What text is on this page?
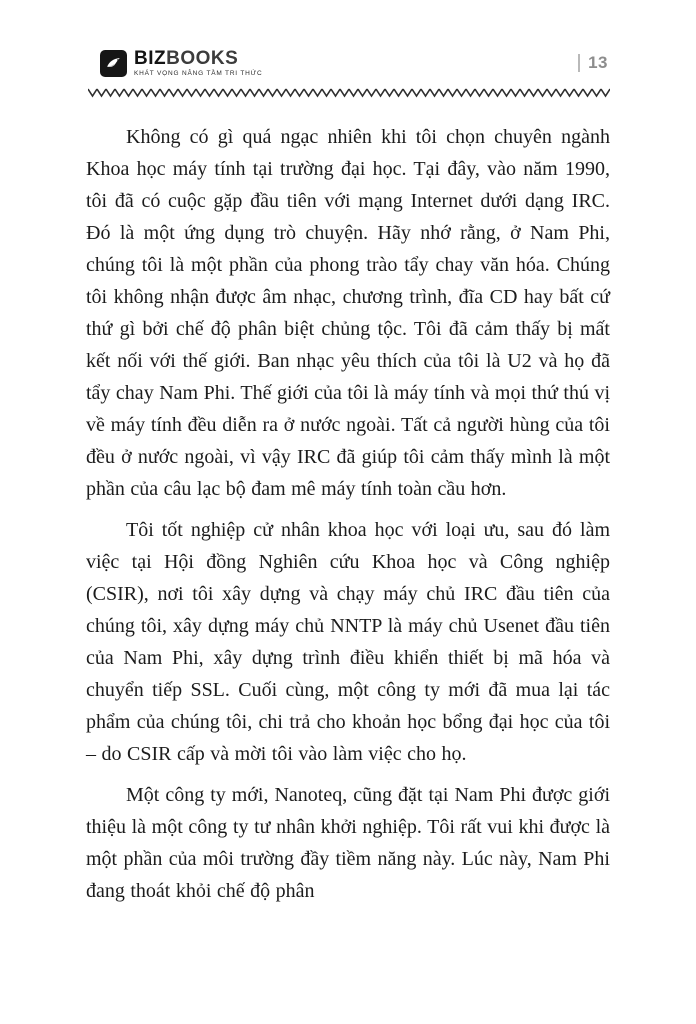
BIZBOOKS
KHÁT VỌNG NÂNG TẦM TRI THỨC
13

Không có gì quá ngạc nhiên khi tôi chọn chuyên ngành Khoa học máy tính tại trường đại học. Tại đây, vào năm 1990, tôi đã có cuộc gặp đầu tiên với mạng Internet dưới dạng IRC. Đó là một ứng dụng trò chuyện. Hãy nhớ rằng, ở Nam Phi, chúng tôi là một phần của phong trào tẩy chay văn hóa. Chúng tôi không nhận được âm nhạc, chương trình, đĩa CD hay bất cứ thứ gì bởi chế độ phân biệt chủng tộc. Tôi đã cảm thấy bị mất kết nối với thế giới. Ban nhạc yêu thích của tôi là U2 và họ đã tẩy chay Nam Phi. Thế giới của tôi là máy tính và mọi thứ thú vị về máy tính đều diễn ra ở nước ngoài. Tất cả người hùng của tôi đều ở nước ngoài, vì vậy IRC đã giúp tôi cảm thấy mình là một phần của câu lạc bộ đam mê máy tính toàn cầu hơn.

Tôi tốt nghiệp cử nhân khoa học với loại ưu, sau đó làm việc tại Hội đồng Nghiên cứu Khoa học và Công nghiệp (CSIR), nơi tôi xây dựng và chạy máy chủ IRC đầu tiên của chúng tôi, xây dựng máy chủ NNTP là máy chủ Usenet đầu tiên của Nam Phi, xây dựng trình điều khiển thiết bị mã hóa và chuyển tiếp SSL. Cuối cùng, một công ty mới đã mua lại tác phẩm của chúng tôi, chi trả cho khoản học bổng đại học của tôi – do CSIR cấp và mời tôi vào làm việc cho họ.

Một công ty mới, Nanoteq, cũng đặt tại Nam Phi được giới thiệu là một công ty tư nhân khởi nghiệp. Tôi rất vui khi được là một phần của môi trường đầy tiềm năng này. Lúc này, Nam Phi đang thoát khỏi chế độ phân
